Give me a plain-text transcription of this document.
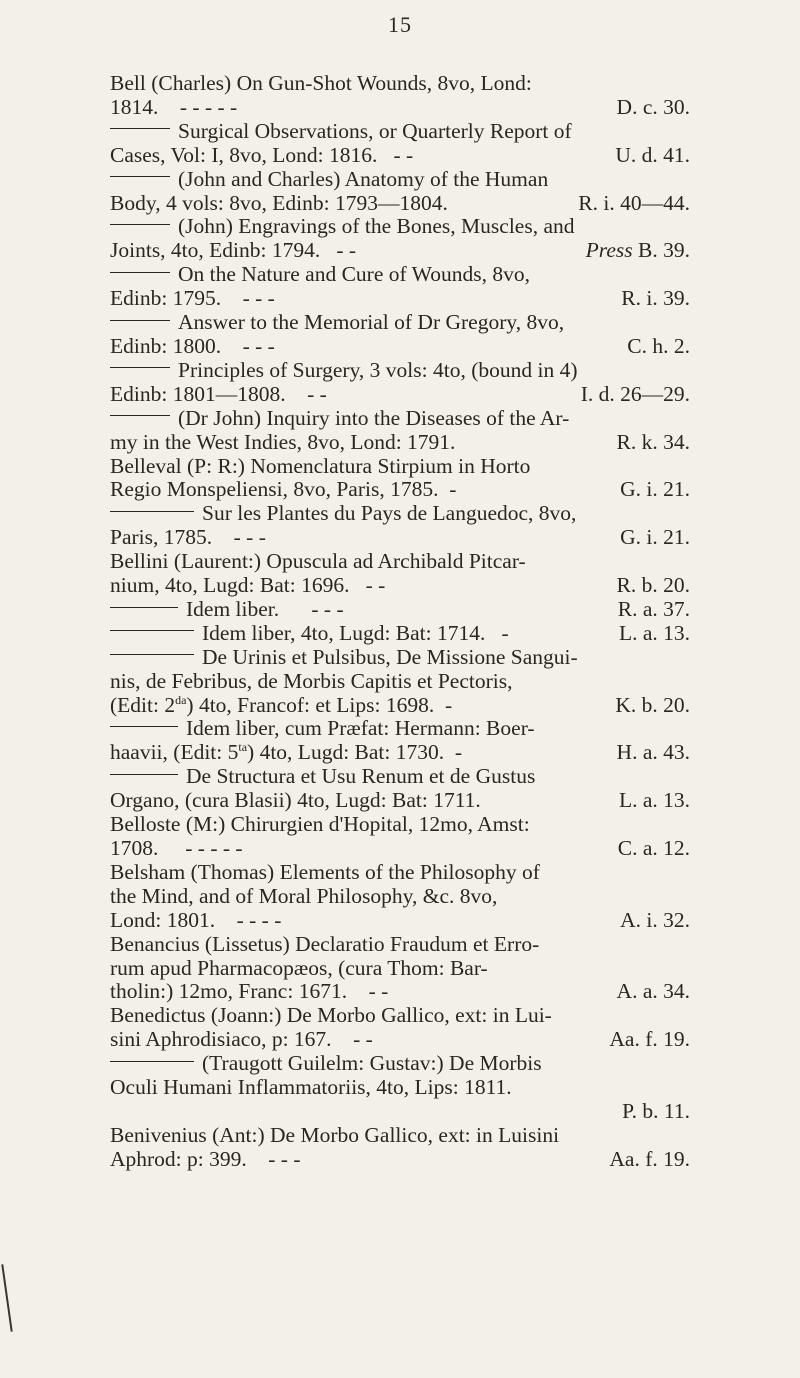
15
Bell (Charles) On Gun-Shot Wounds, 8vo, Lond:
1814. - - - - -	D. c. 30.
Surgical Observations, or Quarterly Report of
Cases, Vol: I, 8vo, Lond: 1816. - -	U. d. 41.
(John and Charles) Anatomy of the Human
Body, 4 vols: 8vo, Edinb: 1793—1804.	R. i. 40—44.
(John) Engravings of the Bones, Muscles, and
Joints, 4to, Edinb: 1794. - -	Press B. 39.
On the Nature and Cure of Wounds, 8vo,
Edinb: 1795. - - -	R. i. 39.
Answer to the Memorial of Dr Gregory, 8vo,
Edinb: 1800. - - -	C. h. 2.
Principles of Surgery, 3 vols: 4to, (bound in 4)
Edinb: 1801—1808. - -	I. d. 26—29.
(Dr John) Inquiry into the Diseases of the Ar-
my in the West Indies, 8vo, Lond: 1791.	R. k. 34.
Belleval (P: R:) Nomenclatura Stirpium in Horto
Regio Monspeliensi, 8vo, Paris, 1785. -	G. i. 21.
Sur les Plantes du Pays de Languedoc, 8vo,
Paris, 1785. - - -	G. i. 21.
Bellini (Laurent:) Opuscula ad Archibald Pitcar-
nium, 4to, Lugd: Bat: 1696. - -	R. b. 20.
Idem liber. - - -	R. a. 37.
Idem liber, 4to, Lugd: Bat: 1714. -	L. a. 13.
De Urinis et Pulsibus, De Missione Sangui-
nis, de Febribus, de Morbis Capitis et Pectoris,
(Edit: $2^{da}$) 4to, Francof: et Lips: 1698. -	K. b. 20.
Idem liber, cum Præfat: Hermann: Boer-
haavii, (Edit: $5^{ta}$) 4to, Lugd: Bat: 1730. -	H. a. 43.
De Structura et Usu Renum et de Gustus
Organo, (cura Blasii) 4to, Lugd: Bat: 1711.	L. a. 13.
Belloste (M:) Chirurgien d'Hopital, 12mo, Amst:
1708. - - - - -	C. a. 12.
Belsham (Thomas) Elements of the Philosophy of
the Mind, and of Moral Philosophy, &c. 8vo,
Lond: 1801. - - - -	A. i. 32.
Benancius (Lissetus) Declaratio Fraudum et Erro-
rum apud Pharmacopæos, (cura Thom: Bar-
tholin:) 12mo, Franc: 1671. - -	A. a. 34.
Benedictus (Joann:) De Morbo Gallico, ext: in Lui-
sini Aphrodisiaco, p: 167. - -	Aa. f. 19.
(Traugott Guilelm: Gustav:) De Morbis
Oculi Humani Inflammatoriis, 4to, Lips: 1811.
P. b. 11.

Benivenius (Ant:) De Morbo Gallico, ext: in Luisini
Aphrod: p: 399. - - -	Aa. f. 19.
